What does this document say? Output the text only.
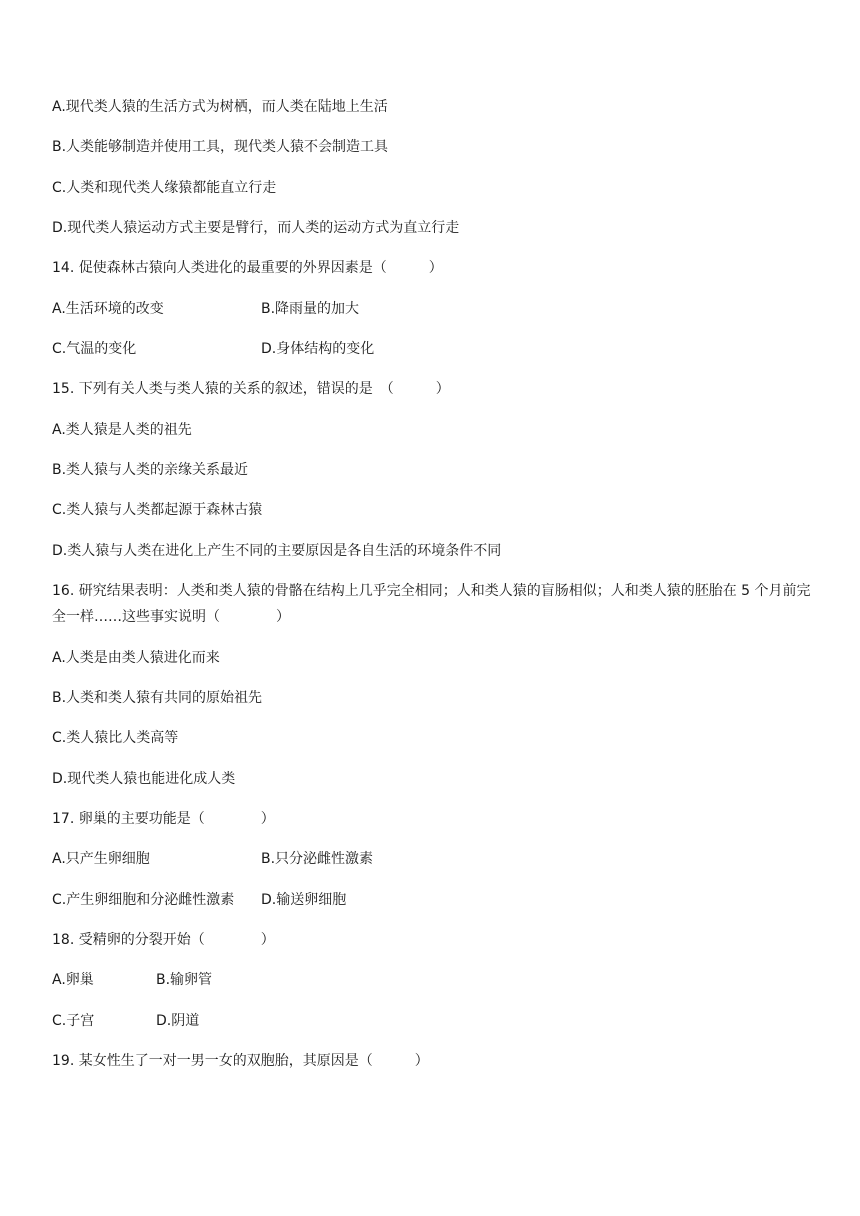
A.现代类人猿的生活方式为树栖，而人类在陆地上生活
B.人类能够制造并使用工具，现代类人猿不会制造工具
C.人类和现代类人缘猿都能直立行走
D.现代类人猿运动方式主要是臂行，而人类的运动方式为直立行走
14. 促使森林古猿向人类进化的最重要的外界因素是（　　　）
A.生活环境的改变	B.降雨量的加大
C.气温的变化	D.身体结构的变化
15. 下列有关人类与类人猿的关系的叙述，错误的是　（　　　）
A.类人猿是人类的祖先
B.类人猿与人类的亲缘关系最近
C.类人猿与人类都起源于森林古猿
D.类人猿与人类在进化上产生不同的主要原因是各自生活的环境条件不同
16. 研究结果表明：人类和类人猿的骨骼在结构上几乎完全相同；人和类人猿的盲肠相似；人和类人猿的胚胎在 5 个月前完全一样……这些事实说明（　　　　）
A.人类是由类人猿进化而来
B.人类和类人猿有共同的原始祖先
C.类人猿比人类高等
D.现代类人猿也能进化成人类
17. 卵巢的主要功能是（　　　　）
A.只产生卵细胞	B.只分泌雌性激素
C.产生卵细胞和分泌雌性激素 D.输送卵细胞
18. 受精卵的分裂开始（　　　　）
A.卵巢	B.输卵管
C.子宫	D.阴道
19. 某女性生了一对一男一女的双胞胎，其原因是（　　　）
